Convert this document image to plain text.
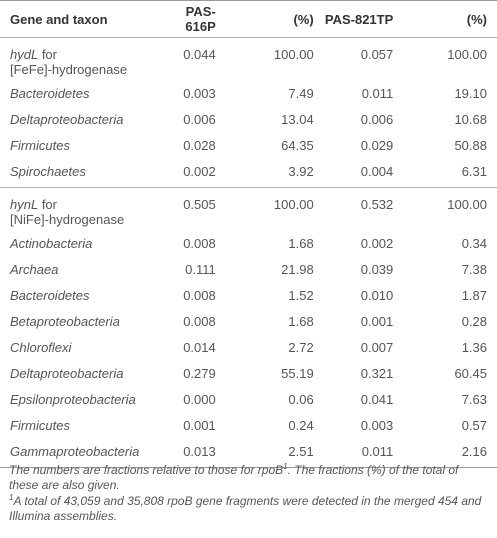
Gene and taxon	PAS-616P	(%)	PAS-821TP	(%)
hydL for
[FeFe]-hydrogenase	0.044	100.00	0.057	100.00
Bacteroidetes	0.003	7.49	0.011	19.10
Deltaproteobacteria	0.006	13.04	0.006	10.68
Firmicutes	0.028	64.35	0.029	50.88
Spirochaetes	0.002	3.92	0.004	6.31
hynL for
[NiFe]-hydrogenase	0.505	100.00	0.532	100.00
Actinobacteria	0.008	1.68	0.002	0.34
Archaea	0.111	21.98	0.039	7.38
Bacteroidetes	0.008	1.52	0.010	1.87
Betaproteobacteria	0.008	1.68	0.001	0.28
Chloroflexi	0.014	2.72	0.007	1.36
Deltaproteobacteria	0.279	55.19	0.321	60.45
Epsilonproteobacteria	0.000	0.06	0.041	7.63
Firmicutes	0.001	0.24	0.003	0.57
Gammaproteobacteria	0.013	2.51	0.011	2.16

The numbers are fractions relative to those for rpoB$^1$. The fractions (%) of the total of these are also given.

$^1$A total of 43,059 and 35,808 rpoB gene fragments were detected in the merged 454 and Illumina assemblies.
